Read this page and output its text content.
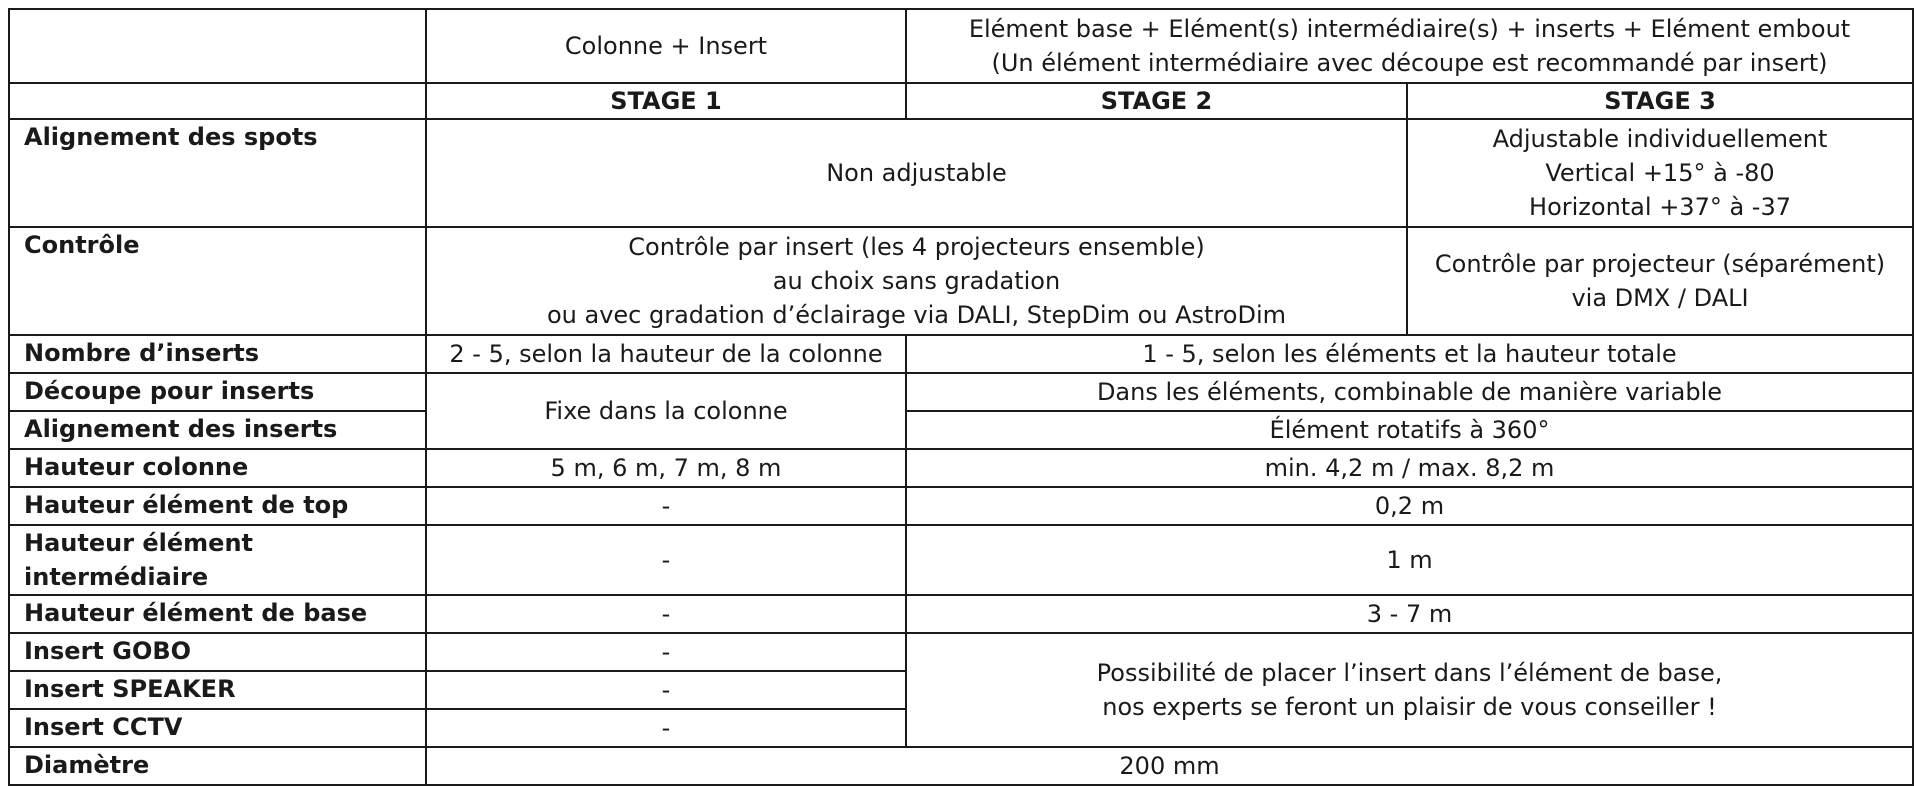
	Colonne + Insert	Elément base + Elément(s) intermédiaire(s) + inserts + Elément embout
(Un élément intermédiaire avec découpe est recommandé par insert)	

	STAGE 1	STAGE 2	STAGE 3
Alignement des spots	Non adjustable		Adjustable individuellement
Vertical +15° à -80
Horizontal +37° à -37

Contrôle	Contrôle par insert (les 4 projecteurs ensemble)
au choix sans gradation
ou avec gradation d’éclairage via DALI, StepDim ou AstroDim		Contrôle par projecteur (séparément)
via DMX / DALI

Nombre d’inserts	2 - 5, selon la hauteur de la colonne	1 - 5, selon les éléments et la hauteur totale	
Découpe pour inserts	Fixe dans la colonne	Dans les éléments, combinable de manière variable	
Alignement des inserts		Élément rotatifs à 360°	
Hauteur colonne	5 m, 6 m, 7 m, 8 m	min. 4,2 m / max. 8,2 m	
Hauteur élément de top	-	0,2 m	
Hauteur élément intermédiaire	-	1 m	
Hauteur élément de base	-	3 - 7 m	
Insert GOBO	-	Possibilité de placer l’insert dans l’élément de base,
nos experts se feront un plaisir de vous conseiller !	

Insert SPEAKER	-		
Insert CCTV	-		
Diamètre	200 mm		
